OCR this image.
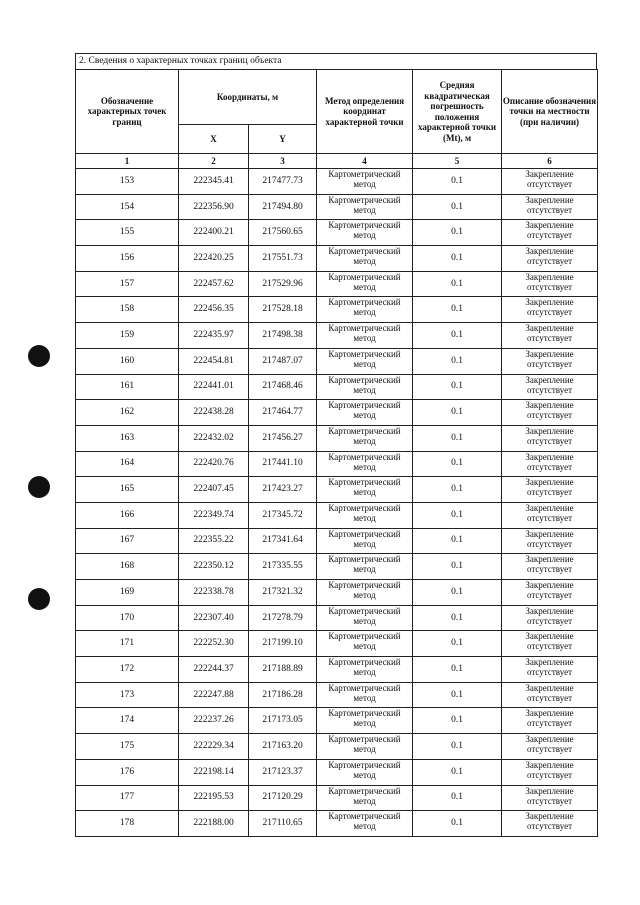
2. Сведения о характерных точках границ объекта
Обозначение характерных точек границ	Координаты, м		Метод определения координат характерной точки	Средняя квадратическая погрешность положения характерной точки (Mt), м	Описание обозначения точки на местности (при наличии)
	X	Y			
1	2	3	4	5	6
153	222345.41	217477.73	Картометрический метод	0.1	Закрепление отсутствует
154	222356.90	217494.80	Картометрический метод	0.1	Закрепление отсутствует
155	222400.21	217560.65	Картометрический метод	0.1	Закрепление отсутствует
156	222420.25	217551.73	Картометрический метод	0.1	Закрепление отсутствует
157	222457.62	217529.96	Картометрический метод	0.1	Закрепление отсутствует
158	222456.35	217528.18	Картометрический метод	0.1	Закрепление отсутствует
159	222435.97	217498.38	Картометрический метод	0.1	Закрепление отсутствует
160	222454.81	217487.07	Картометрический метод	0.1	Закрепление отсутствует
161	222441.01	217468.46	Картометрический метод	0.1	Закрепление отсутствует
162	222438.28	217464.77	Картометрический метод	0.1	Закрепление отсутствует
163	222432.02	217456.27	Картометрический метод	0.1	Закрепление отсутствует
164	222420.76	217441.10	Картометрический метод	0.1	Закрепление отсутствует
165	222407.45	217423.27	Картометрический метод	0.1	Закрепление отсутствует
166	222349.74	217345.72	Картометрический метод	0.1	Закрепление отсутствует
167	222355.22	217341.64	Картометрический метод	0.1	Закрепление отсутствует
168	222350.12	217335.55	Картометрический метод	0.1	Закрепление отсутствует
169	222338.78	217321.32	Картометрический метод	0.1	Закрепление отсутствует
170	222307.40	217278.79	Картометрический метод	0.1	Закрепление отсутствует
171	222252.30	217199.10	Картометрический метод	0.1	Закрепление отсутствует
172	222244.37	217188.89	Картометрический метод	0.1	Закрепление отсутствует
173	222247.88	217186.28	Картометрический метод	0.1	Закрепление отсутствует
174	222237.26	217173.05	Картометрический метод	0.1	Закрепление отсутствует
175	222229.34	217163.20	Картометрический метод	0.1	Закрепление отсутствует
176	222198.14	217123.37	Картометрический метод	0.1	Закрепление отсутствует
177	222195.53	217120.29	Картометрический метод	0.1	Закрепление отсутствует
178	222188.00	217110.65	Картометрический метод	0.1	Закрепление отсутствует
